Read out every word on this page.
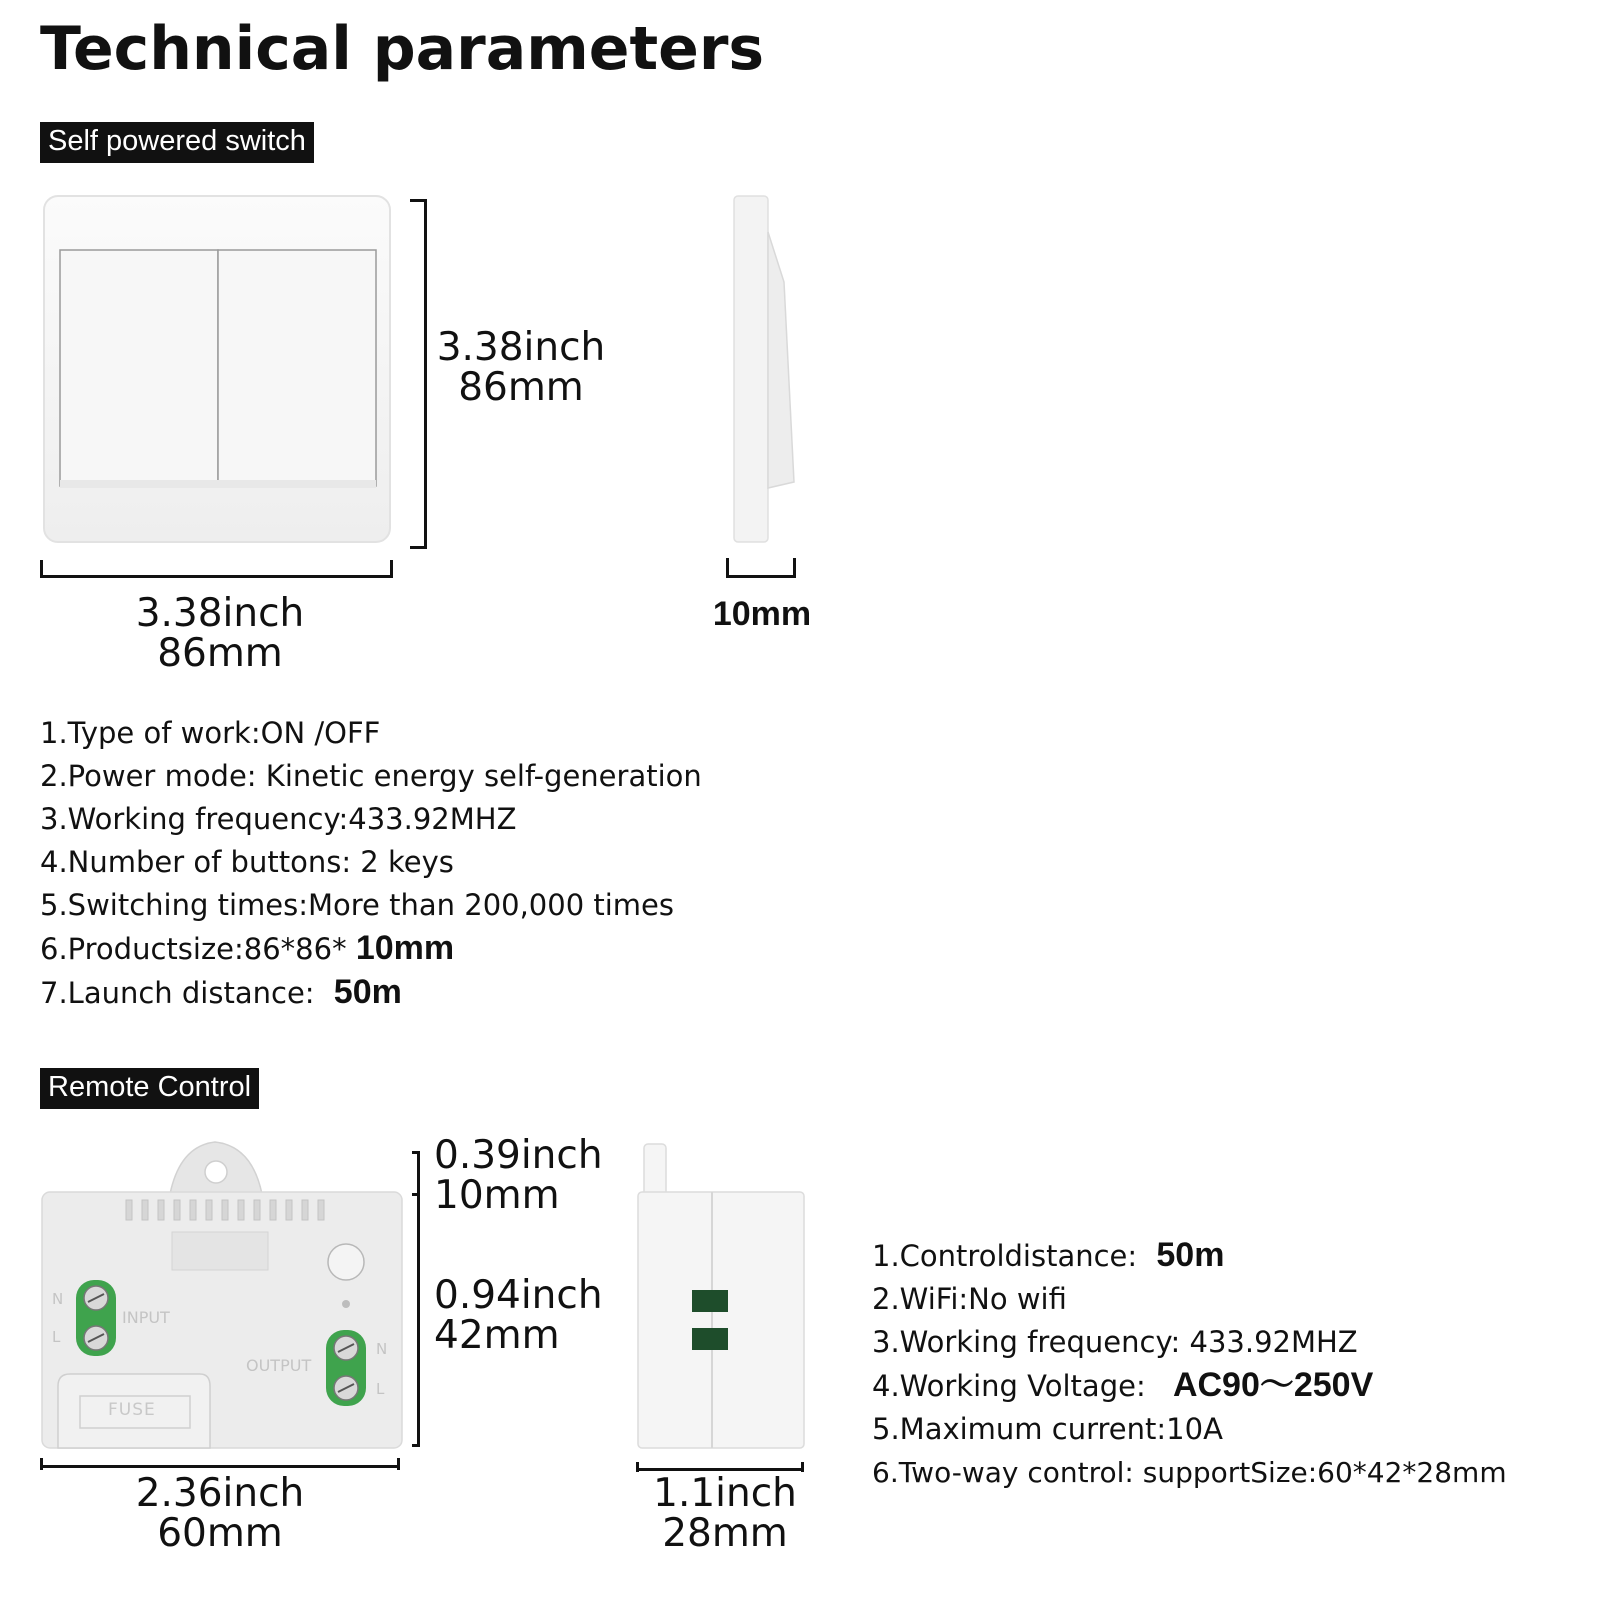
Technical parameters
Self powered switch
3.38inch
86mm
3.38inch
86mm
10mm
1.Type of work:ON /OFF
2.Power mode: Kinetic energy self-generation
3.Working frequency:433.92MHZ
4.Number of buttons: 2 keys
5.Switching times:More than 200,000 times
6.Productsize:86*86* 10mm
7.Launch distance: 50m
Remote Control
N
L
INPUT
OUTPUT
N
L
FUSE
0.39inch
10mm
0.94inch
42mm
2.36inch
60mm
1.1inch
28mm
1.Controldistance: 50m
2.WiFi:No wifi
3.Working frequency: 433.92MHZ
4.Working Voltage: AC90～250V
5.Maximum current:10A
6.Two-way control: supportSize:60*42*28mm
